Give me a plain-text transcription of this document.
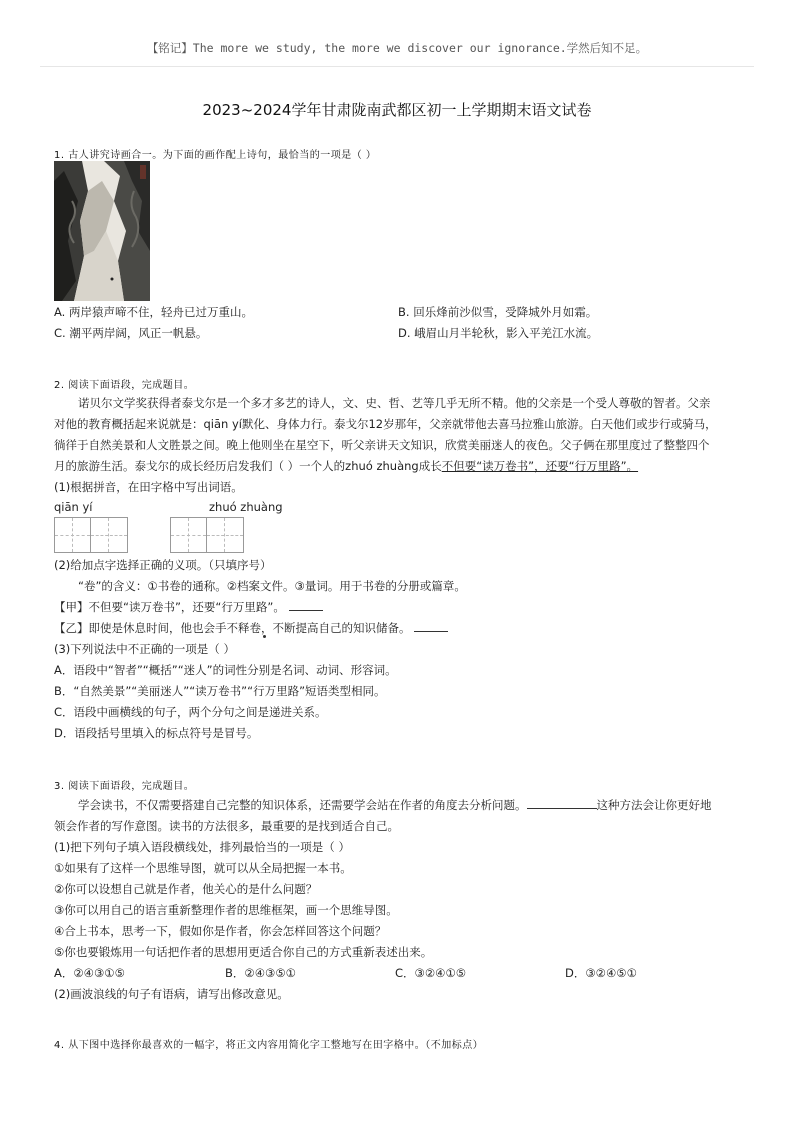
【铭记】The more we study, the more we discover our ignorance.学然后知不足。
2023~2024学年甘肃陇南武都区初一上学期期末语文试卷
1. 古人讲究诗画合一。为下面的画作配上诗句，最恰当的一项是（ ）
A. 两岸猿声啼不住，轻舟已过万重山。	B. 回乐烽前沙似雪，受降城外月如霜。
C. 潮平两岸阔，风正一帆悬。	D. 峨眉山月半轮秋，影入平羌江水流。
2. 阅读下面语段，完成题目。
诺贝尔文学奖获得者泰戈尔是一个多才多艺的诗人，文、史、哲、艺等几乎无所不精。他的父亲是一个受人尊敬的智者。父亲
对他的教育概括起来说就是：qiān yí默化、身体力行。泰戈尔12岁那年，父亲就带他去喜马拉雅山旅游。白天他们或步行或骑马，
徜徉于自然美景和人文胜景之间。晚上他则坐在星空下，听父亲讲天文知识，欣赏美丽迷人的夜色。父子俩在那里度过了整整四个
月的旅游生活。泰戈尔的成长经历启发我们（ ）一个人的zhuó zhuàng成长不但要“读万卷书”，还要“行万里路”。
(1)根据拼音，在田字格中写出词语。
qiān yí	zhuó zhuàng
(2)给加点字选择正确的义项。（只填序号）
“卷”的含义：①书卷的通称。②档案文件。③量词。用于书卷的分册或篇章。
【甲】不但要“读万卷书”，还要“行万里路”。
【乙】即使是休息时间，他也会手不释卷，不断提高自己的知识储备。
(3)下列说法中不正确的一项是（ ）
A．语段中“智者”“概括”“迷人”的词性分别是名词、动词、形容词。
B．“自然美景”“美丽迷人”“读万卷书”“行万里路”短语类型相同。
C．语段中画横线的句子，两个分句之间是递进关系。
D．语段括号里填入的标点符号是冒号。
3. 阅读下面语段，完成题目。
学会读书，不仅需要搭建自己完整的知识体系，还需要学会站在作者的角度去分析问题。	这种方法会让你更好地
领会作者的写作意图。读书的方法很多，最重要的是找到适合自己。
(1)把下列句子填入语段横线处，排列最恰当的一项是（ ）
①如果有了这样一个思维导图，就可以从全局把握一本书。
②你可以设想自己就是作者，他关心的是什么问题？
③你可以用自己的语言重新整理作者的思维框架，画一个思维导图。
④合上书本，思考一下，假如你是作者，你会怎样回答这个问题？
⑤你也要锻炼用一句话把作者的思想用更适合你自己的方式重新表述出来。
A．②④③①⑤	B．②④③⑤①	C．③②④①⑤	D．③②④⑤①
(2)画波浪线的句子有语病，请写出修改意见。
4. 从下图中选择你最喜欢的一幅字，将正文内容用简化字工整地写在田字格中。（不加标点）
